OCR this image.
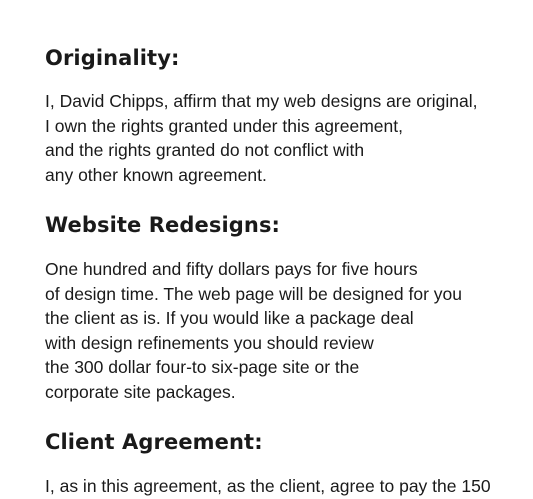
Originality:

I, David Chipps, affirm that my web designs are original,
I own the rights granted under this agreement,
and the rights granted do not conflict with
any other known agreement.

Website Redesigns:

One hundred and fifty dollars pays for five hours
of design time. The web page will be designed for you
the client as is. If you would like a package deal
with design refinements you should review
the 300 dollar four-to six-page site or the
corporate site packages.

Client Agreement:

I, as in this agreement, as the client, agree to pay the 150
